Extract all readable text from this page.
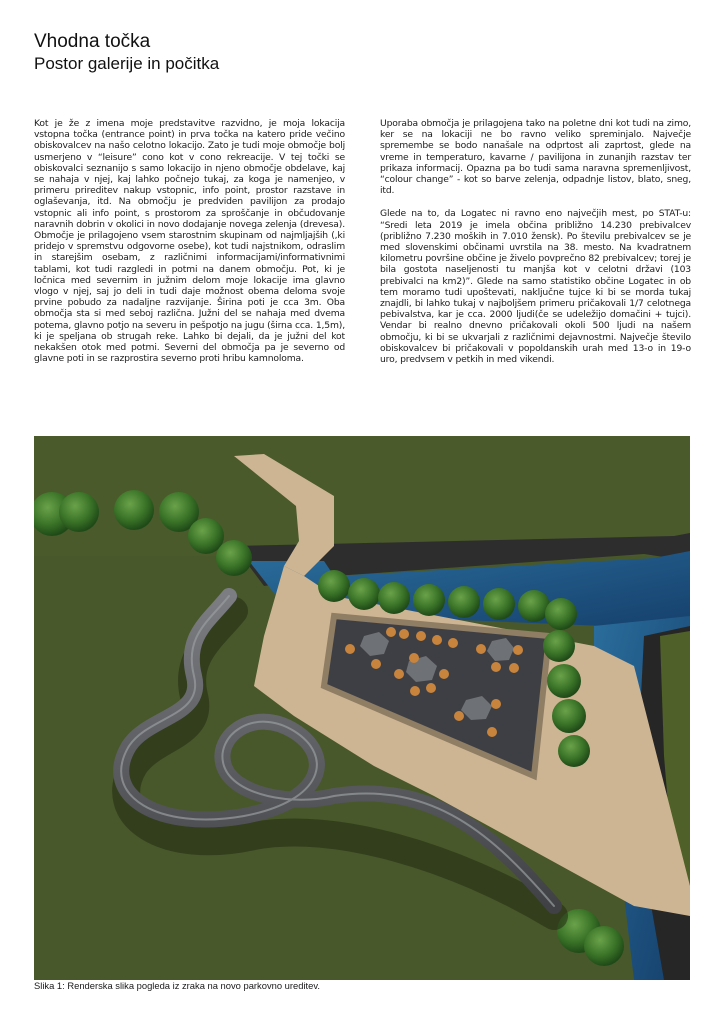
Vhodna točka
Postor galerije in počitka

Kot je že z imena moje predstavitve razvidno, je moja lokacija vstopna točka (entrance point) in prva točka na katero pride večino obiskovalcev na našo celotno lokacijo. Zato je tudi moje območje bolj usmerjeno v “leisure” cono kot v cono rekreacije. V tej točki se obiskovalci seznanijo s samo lokacijo in njeno območje obdelave, kaj se nahaja v njej, kaj lahko počnejo tukaj, za koga je namenjeo, v primeru prireditev nakup vstopnic, info point, prostor razstave in oglaševanja, itd. Na območju je predviden pavilijon za prodajo vstopnic ali info point, s prostorom za sproščanje in občudovanje naravnih dobrin v okolici in novo dodajanje novega zelenja (drevesa). Območje je prilagojeno vsem starostnim skupinam od najmljajših (,ki pridejo v spremstvu odgovorne osebe), kot tudi najstnikom, odraslim in starejšim osebam, z različnimi informacijami/informativnimi tablami, kot tudi razgledi in potmi na danem območju. Pot, ki je ločnica med severnim in južnim delom moje lokacije ima glavno vlogo v njej, saj jo deli in tudi daje možnost obema deloma svoje prvine pobudo za nadaljne razvijanje. Širina poti je cca 3m. Oba območja sta si med seboj različna. Južni del se nahaja med dvema potema, glavno potjo na severu in pešpotjo na jugu (širna cca. 1,5m), ki je speljana ob strugah reke. Lahko bi dejali, da je južni del kot nekakšen otok med potmi. Severni del območja pa je severno od glavne poti in se razprostira severno proti hribu kamnoloma.

Uporaba območja je prilagojena tako na poletne dni kot tudi na zimo, ker se na lokaciji ne bo ravno veliko spreminjalo. Največje spremembe se bodo nanašale na odprtost ali zaprtost, glede na vreme in temperaturo, kavarne / pavilijona in zunanjih razstav ter prikaza informacij. Opazna pa bo tudi sama naravna spremenljivost, “colour change” - kot so barve zelenja, odpadnje listov, blato, sneg, itd.

Glede na to, da Logatec ni ravno eno največjih mest, po STAT-u: “Sredi leta 2019 je imela občina približno 14.230 prebivalcev (približno 7.230 moških in 7.010 žensk). Po številu prebivalcev se je med slovenskimi občinami uvrstila na 38. mesto. Na kvadratnem kilometru površine občine je živelo povprečno 82 prebivalcev; torej je bila gostota naseljenosti tu manjša kot v celotni državi (103 prebivalci na km2)”. Glede na samo statistiko občine Logatec in ob tem moramo tudi upoštevati, naključne tujce ki bi se morda tukaj znajdli, bi lahko tukaj v najboljšem primeru pričakovali 1/7 celotnega pebivalstva, kar je cca. 2000 ljudi(če se udeležijo domačini + tujci). Vendar bi realno dnevno pričakovali okoli 500 ljudi na našem območju, ki bi se ukvarjali z različnimi dejavnostmi. Največje število obiskovalcev bi pričakovali v popoldanskih urah med 13-o in 19-o uro, predvsem v petkih in med vikendi.

Slika 1: Renderska slika pogleda iz zraka na novo parkovno ureditev.
